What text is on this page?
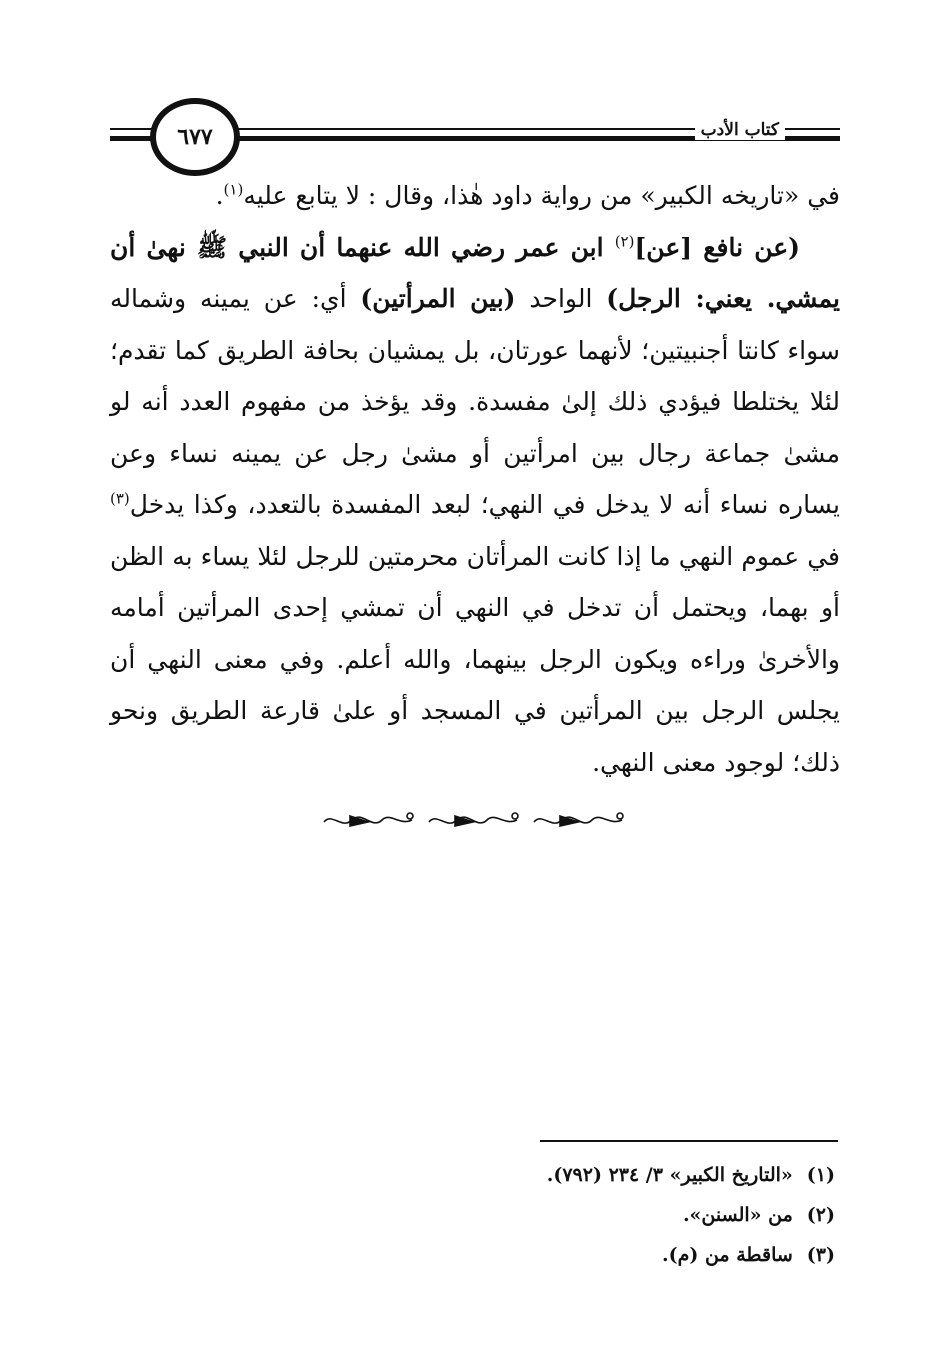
كتاب الأدب
٦٧٧

في «تاريخه الكبير» من رواية داود هٰذا، وقال : لا يتابع عليه$^{(١)}$.

(عن نافع [عن]$^{(٢)}$ ابن عمر رضي الله عنهما أن النبي ﷺ نهىٰ أن يمشي. يعني: الرجل) الواحد (بين المرأتين) أي: عن يمينه وشماله سواء كانتا أجنبيتين؛ لأنهما عورتان، بل يمشيان بحافة الطريق كما تقدم؛ لئلا يختلطا فيؤدي ذلك إلىٰ مفسدة. وقد يؤخذ من مفهوم العدد أنه لو مشىٰ جماعة رجال بين امرأتين أو مشىٰ رجل عن يمينه نساء وعن يساره نساء أنه لا يدخل في النهي؛ لبعد المفسدة بالتعدد، وكذا يدخل$^{(٣)}$ في عموم النهي ما إذا كانت المرأتان محرمتين للرجل لئلا يساء به الظن أو بهما، ويحتمل أن تدخل في النهي أن تمشي إحدى المرأتين أمامه والأخرىٰ وراءه ويكون الرجل بينهما، والله أعلم. وفي معنى النهي أن يجلس الرجل بين المرأتين في المسجد أو علىٰ قارعة الطريق ونحو ذلك؛ لوجود معنى النهي.

(١)
«التاريخ الكبير» ٣/ ٢٣٤ (٧٩٢).
(٢)
من «السنن».
(٣)
ساقطة من (م).
